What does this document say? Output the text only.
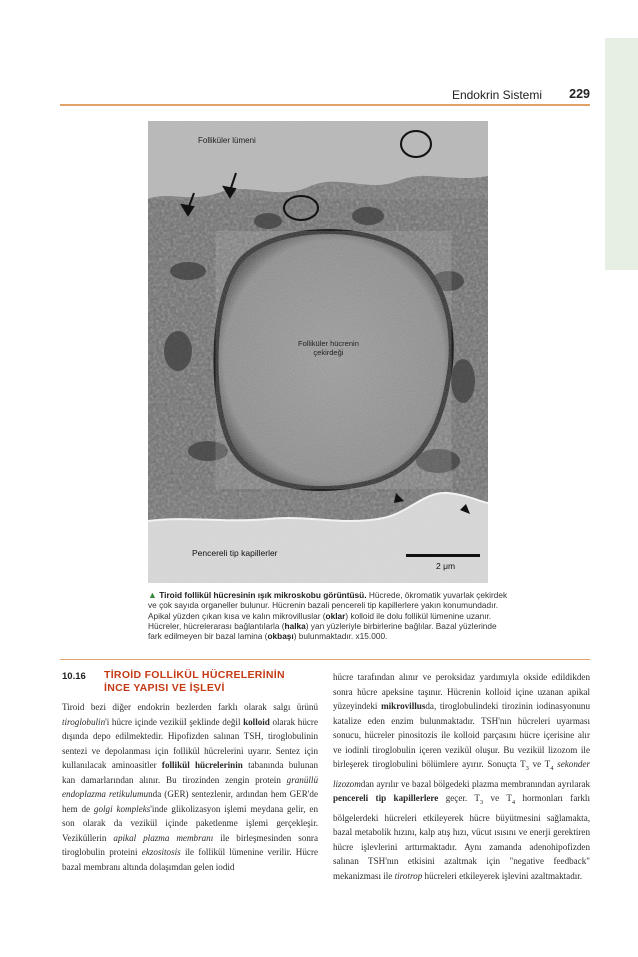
Endokrin Sistemi 229
Folliküler lümeni
Folliküler hücrenin
çekirdeği
Pencereli tip kapillerler
2 μm
▲ Tiroid follikül hücresinin ışık mikroskobu görüntüsü. Hücrede, ökromatik yuvarlak çekirdek ve çok sayıda organeller bulunur. Hücrenin bazali pencereli tip kapillerlere yakın konumundadır. Apikal yüzden çıkan kısa ve kalın mikrovilluslar (oklar) kolloid ile dolu follikül lümenine uzanır. Hücreler, hücrelerarası bağlantılarla (halka) yan yüzleriyle birbirlerine bağlılar. Bazal yüzlerinde fark edilmeyen bir bazal lamina (okbaşı) bulunmaktadır. x15.000.
10.16 TİROİD FOLLİKÜL HÜCRELERİNİN
İNCE YAPISI VE İŞLEVİ

Tiroid bezi diğer endokrin bezlerden farklı olarak salgı ürünü tiroglobulin'i hücre içinde veziküI şeklinde değil kolloid olarak hücre dışında depo edilmektedir. Hipofizden salınan TSH, tiroglobulinin sentezi ve depolanması için follikül hücrelerini uyarır. Sentez için kullanılacak aminoasitler follikül hücrelerinin tabanında bulunan kan damarlarından alınır. Bu tirozinden zengin protein granüllü endoplazma retikulumunda (GER) sentezlenir, ardından hem GER'de hem de golgi kompleks'inde glikolizasyon işlemi meydana gelir, en son olarak da vezikül içinde paketlenme işlemi gerçekleşir. Veziküllerin apikal plazma membranı ile birleşmesinden sonra tiroglobulin proteini ekzositosis ile follikül lümenine verilir. Hücre bazal membranı altında dolaşımdan gelen iodid

hücre tarafından alınır ve peroksidaz yardımıyla okside edildikden sonra hücre apeksine taşınır. Hücrenin kolloid içine uzanan apikal yüzeyindeki mikrovillusda, tiroglobulindeki tirozinin iodinasyonunu katalize eden enzim bulunmaktadır. TSH'nın hücreleri uyarması sonucu, hücreler pinositozis ile kolloid parçasını hücre içerisine alır ve iodinli tiroglobulin içeren vezikül oluşur. Bu vezikül lizozom ile birleşerek tiroglobulini bölümlere ayırır. Sonuçta $T_3$ ve $T_4$ sekonder lizozomdan ayrılır ve bazal bölgedeki plazma membranından ayrılarak pencereli tip kapillerlere geçer. $T_3$ ve $T_4$ hormonları farklı bölgelerdeki hücreleri etkileyerek hücre büyütmesini sağlamakta, bazal metabolik hızını, kalp atış hızı, vücut ısısını ve enerji gerektiren hücre işlevlerini arttırmaktadır. Aynı zamanda adenohipofizden salınan TSH'nın etkisini azaltmak için "negative feedback" mekanizması ile tirotrop hücreleri etkileyerek işlevini azaltmaktadır.
